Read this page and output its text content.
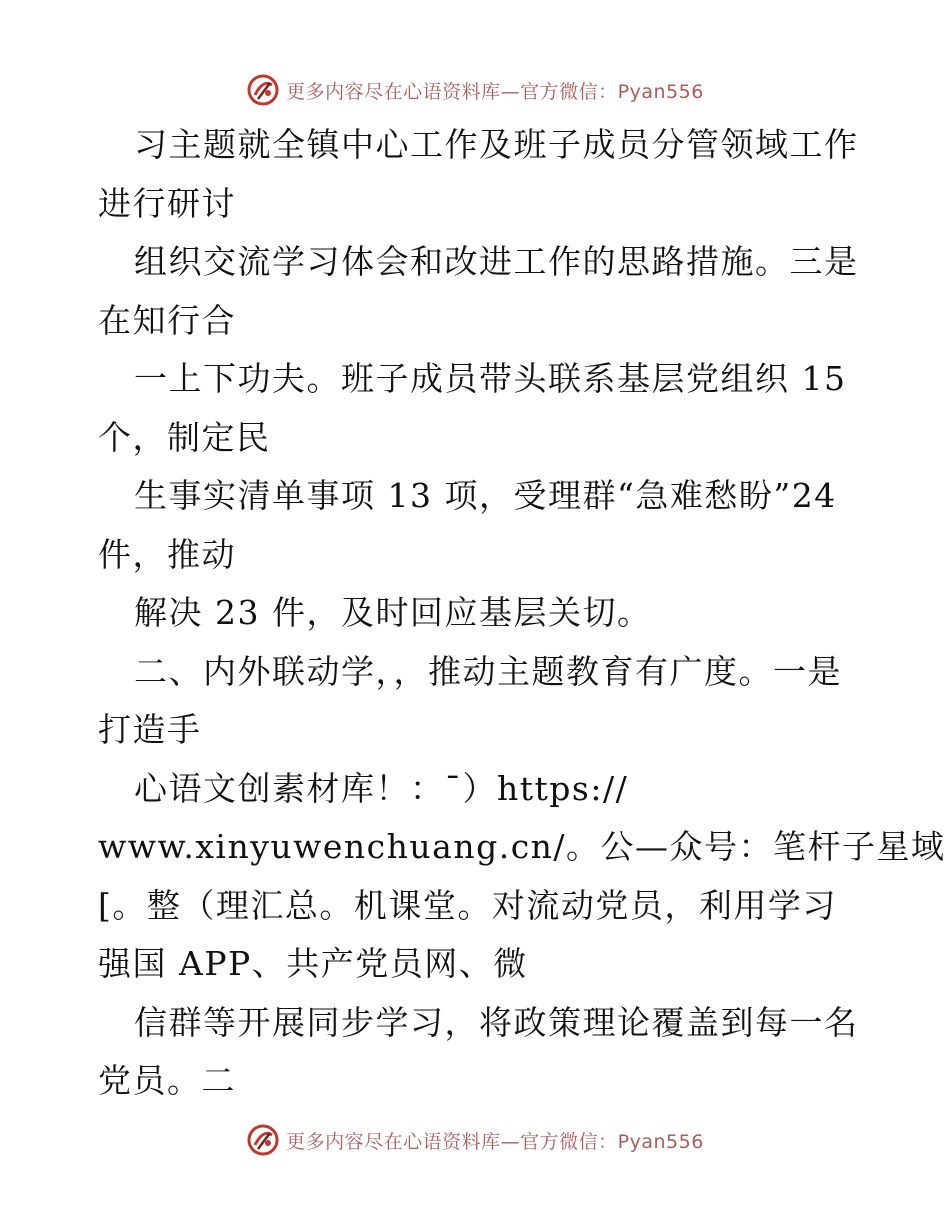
更多内容尽在心语资料库—官方微信：Pyan556
习主题就全镇中心工作及班子成员分管领域工作
进行研讨
组织交流学习体会和改进工作的思路措施。三是
在知行合
一上下功夫。班子成员带头联系基层党组织 15
个，制定民
生事实清单事项 13 项，受理群“急难愁盼”24
件，推动
解决 23 件，及时回应基层关切。
二、内外联动学，，推动主题教育有广度。一是
打造手
心语文创素材库！：¯）https://
www.xinyuwenchuang.cn/。公—众号：笔杆子星域
[。整（理汇总。机课堂。对流动党员，利用学习
强国 APP、共产党员网、微
信群等开展同步学习，将政策理论覆盖到每一名
党员。二
更多内容尽在心语资料库—官方微信：Pyan556
